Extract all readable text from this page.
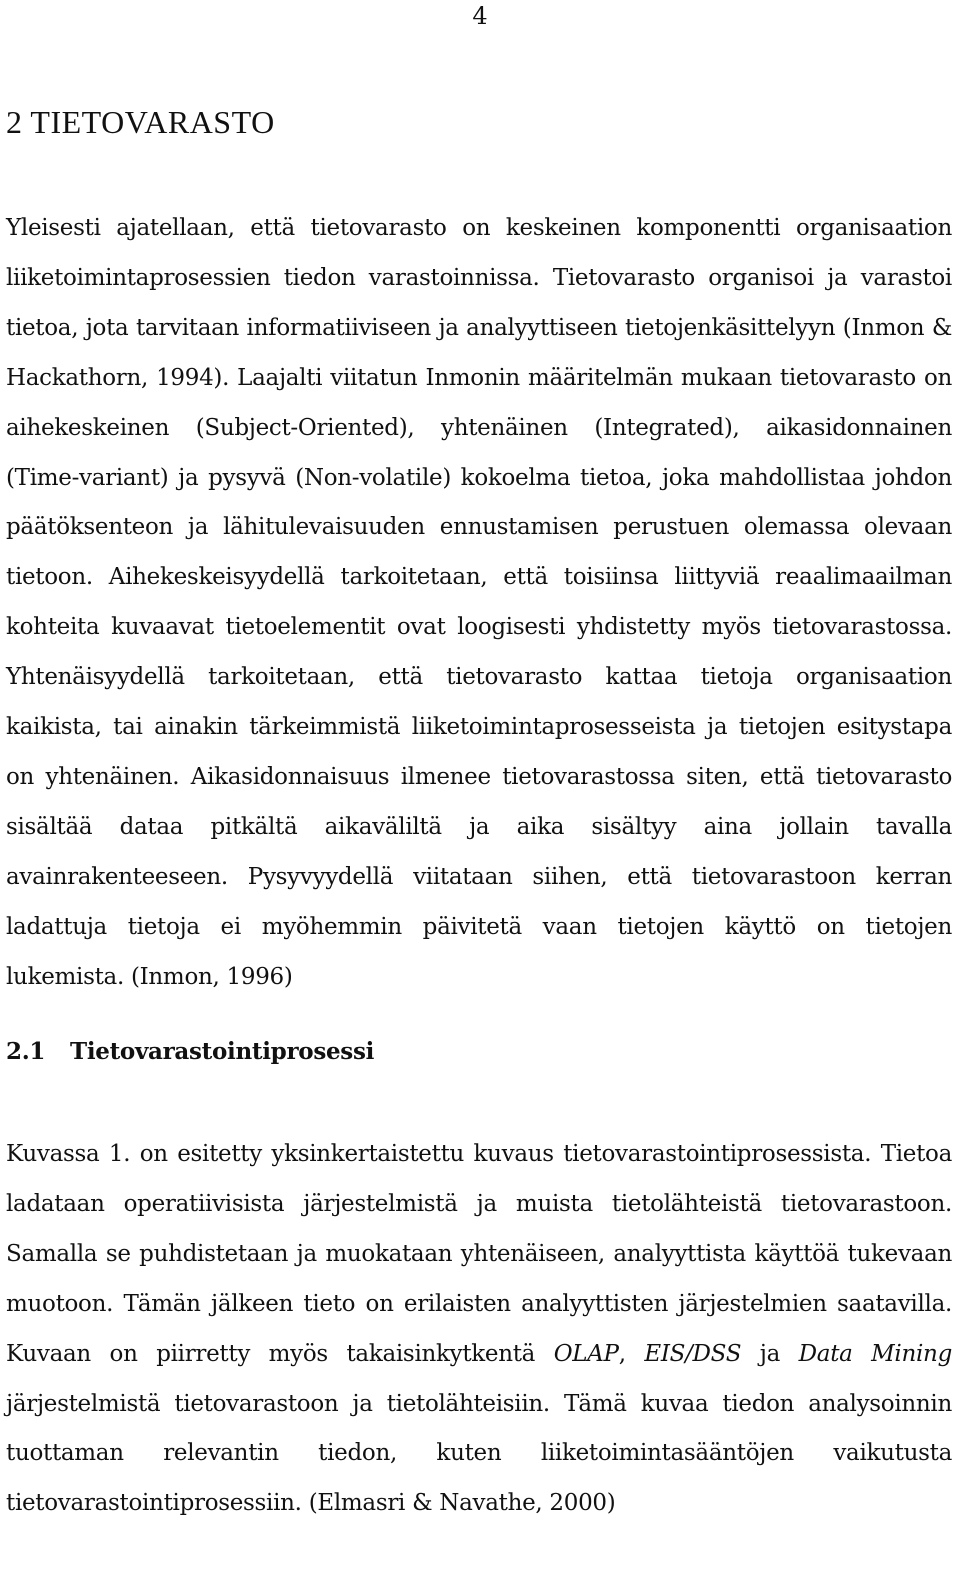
4
2 TIETOVARASTO

Yleisesti ajatellaan, että tietovarasto on keskeinen komponentti organisaation liiketoimintaprosessien tiedon varastoinnissa. Tietovarasto organisoi ja varastoi tietoa, jota tarvitaan informatiiviseen ja analyyttiseen tietojenkäsittelyyn (Inmon & Hackathorn, 1994). Laajalti viitatun Inmonin määritelmän mukaan tietovarasto on aihekeskeinen (Subject-Oriented), yhtenäinen (Integrated), aikasidonnainen (Time-variant) ja pysyvä (Non-volatile) kokoelma tietoa, joka mahdollistaa johdon päätöksenteon ja lähitulevaisuuden ennustamisen perustuen olemassa olevaan tietoon. Aihekeskeisyydellä tarkoitetaan, että toisiinsa liittyviä reaalimaailman kohteita kuvaavat tietoelementit ovat loogisesti yhdistetty myös tietovarastossa. Yhtenäisyydellä tarkoitetaan, että tietovarasto kattaa tietoja organisaation kaikista, tai ainakin tärkeimmistä liiketoimintaprosesseista ja tietojen esitystapa on yhtenäinen. Aikasidonnaisuus ilmenee tietovarastossa siten, että tietovarasto sisältää dataa pitkältä aikaväliltä ja aika sisältyy aina jollain tavalla avainrakenteeseen. Pysyvyydellä viitataan siihen, että tietovarastoon kerran ladattuja tietoja ei myöhemmin päivitetä vaan tietojen käyttö on tietojen lukemista. (Inmon, 1996)

2.1 Tietovarastointiprosessi

Kuvassa 1. on esitetty yksinkertaistettu kuvaus tietovarastointiprosessista. Tietoa ladataan operatiivisista järjestelmistä ja muista tietolähteistä tietovarastoon. Samalla se puhdistetaan ja muokataan yhtenäiseen, analyyttista käyttöä tukevaan muotoon. Tämän jälkeen tieto on erilaisten analyyttisten järjestelmien saatavilla. Kuvaan on piirretty myös takaisinkytkentä OLAP, EIS/DSS ja Data Mining järjestelmistä tietovarastoon ja tietolähteisiin. Tämä kuvaa tiedon analysoinnin tuottaman relevantin tiedon, kuten liiketoimintasääntöjen vaikutusta tietovarastointiprosessiin. (Elmasri & Navathe, 2000)
